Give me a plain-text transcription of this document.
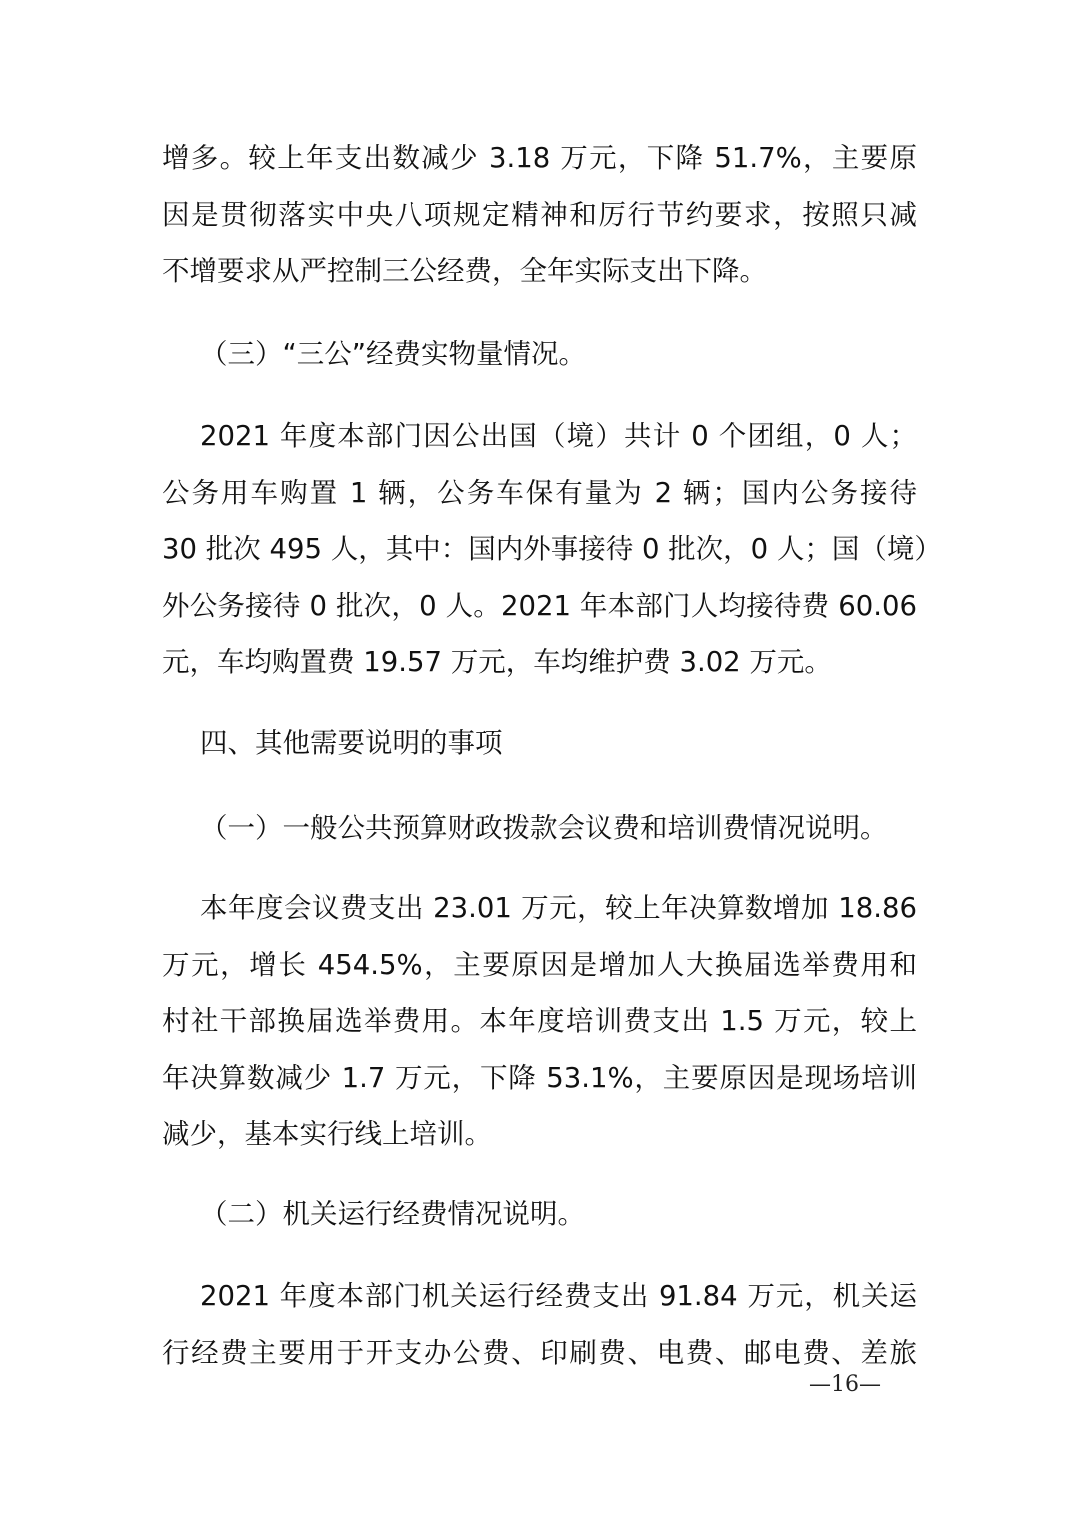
增多。较上年支出数减少 3.18 万元，下降 51.7%，主要原
因是贯彻落实中央八项规定精神和厉行节约要求，按照只减
不增要求从严控制三公经费，全年实际支出下降。
（三）“三公”经费实物量情况。
2021 年度本部门因公出国（境）共计 0 个团组，0 人；
公务用车购置 1 辆，公务车保有量为 2 辆；国内公务接待
30 批次 495 人，其中：国内外事接待 0 批次，0 人；国（境）
外公务接待 0 批次，0 人。2021 年本部门人均接待费 60.06
元，车均购置费 19.57 万元，车均维护费 3.02 万元。
四、其他需要说明的事项
（一）一般公共预算财政拨款会议费和培训费情况说明。
本年度会议费支出 23.01 万元，较上年决算数增加 18.86
万元，增长 454.5%，主要原因是增加人大换届选举费用和
村社干部换届选举费用。本年度培训费支出 1.5 万元，较上
年决算数减少 1.7 万元，下降 53.1%，主要原因是现场培训
减少，基本实行线上培训。
（二）机关运行经费情况说明。
2021 年度本部门机关运行经费支出 91.84 万元，机关运
行经费主要用于开支办公费、印刷费、电费、邮电费、差旅
—16—
